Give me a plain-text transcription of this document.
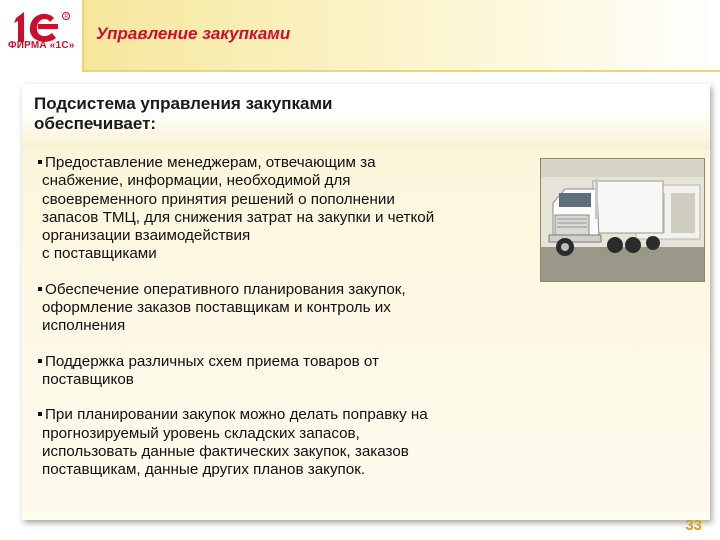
R
ФИРМА «1С»
Управление закупками
Подсистема управления закупками
обеспечивает:
Предоставление менеджерам, отвечающим за
снабжение, информации, необходимой для
своевременного принятия решений о пополнении
запасов ТМЦ, для снижения затрат на закупки и четкой
организации взаимодействия
с поставщиками
Обеспечение оперативного планирования закупок,
оформление заказов поставщикам и контроль их
исполнения
Поддержка различных схем приема товаров от
поставщиков
При планировании закупок можно делать поправку на
прогнозируемый уровень складских запасов,
использовать данные фактических закупок, заказов
поставщикам, данные других планов закупок.
33
